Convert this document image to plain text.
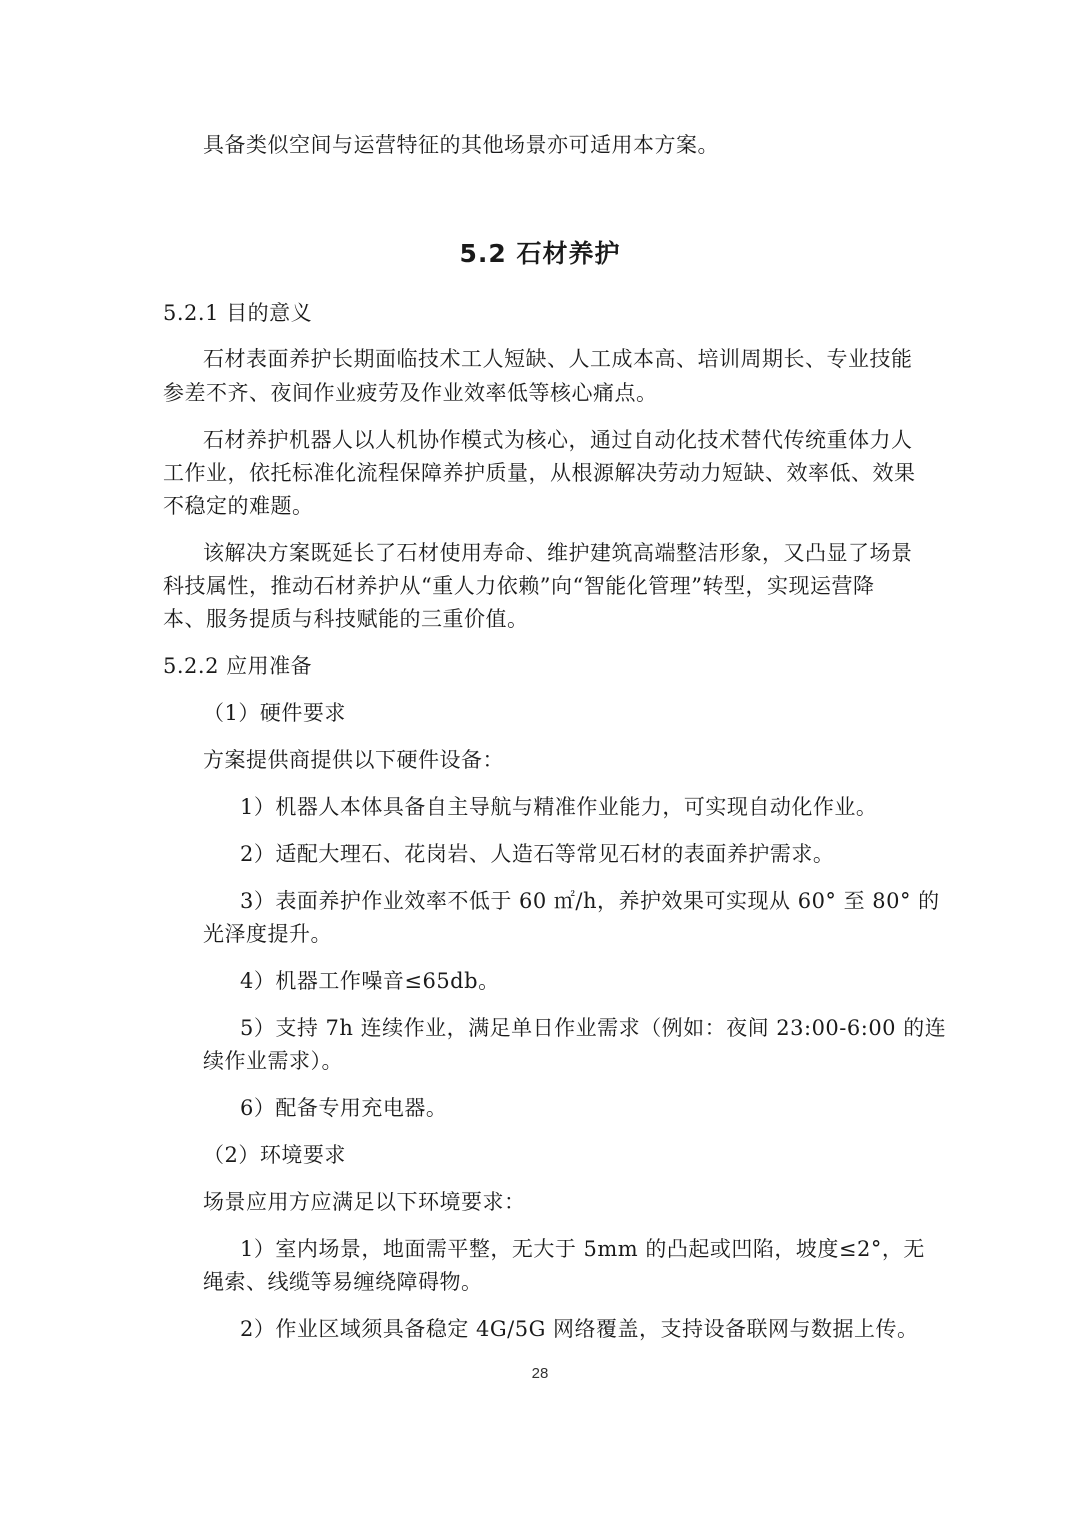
具备类似空间与运营特征的其他场景亦可适用本方案。

5.2 石材养护

5.2.1 目的意义

石材表面养护长期面临技术工人短缺、人工成本高、培训周期长、专业技能

参差不齐、夜间作业疲劳及作业效率低等核心痛点。

石材养护机器人以人机协作模式为核心，通过自动化技术替代传统重体力人

工作业，依托标准化流程保障养护质量，从根源解决劳动力短缺、效率低、效果

不稳定的难题。

该解决方案既延长了石材使用寿命、维护建筑高端整洁形象，又凸显了场景

科技属性，推动石材养护从“重人力依赖”向“智能化管理”转型，实现运营降

本、服务提质与科技赋能的三重价值。

5.2.2 应用准备

（1）硬件要求

方案提供商提供以下硬件设备：

1）机器人本体具备自主导航与精准作业能力，可实现自动化作业。

2）适配大理石、花岗岩、人造石等常见石材的表面养护需求。

3）表面养护作业效率不低于 60 ㎡/h，养护效果可实现从 60° 至 80° 的

光泽度提升。

4）机器工作噪音≤65db。

5）支持 7h 连续作业，满足单日作业需求（例如：夜间 23:00-6:00 的连

续作业需求）。

6）配备专用充电器。

（2）环境要求

场景应用方应满足以下环境要求：

1）室内场景，地面需平整，无大于 5mm 的凸起或凹陷，坡度≤2°，无

绳索、线缆等易缠绕障碍物。

2）作业区域须具备稳定 4G/5G 网络覆盖，支持设备联网与数据上传。

28
